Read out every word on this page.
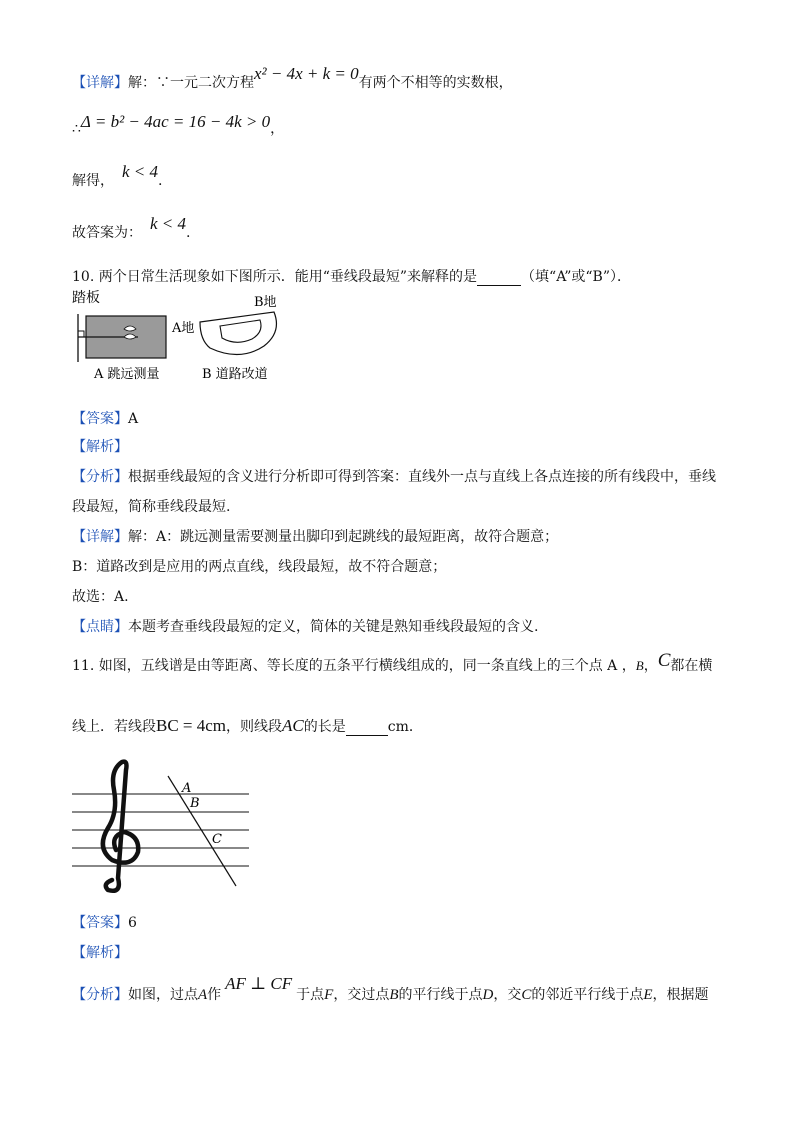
【详解】解：∵一元二次方程x² − 4x + k = 0有两个不相等的实数根，
∴Δ = b² − 4ac = 16 − 4k > 0，
解得， k < 4.
故答案为： k < 4.
10. 两个日常生活现象如下图所示．能用“垂线段最短”来解释的是	（填“A”或“B”）．
踏板
A 跳远测量
A地
B地
B 道路改道
【答案】A
【解析】
【分析】根据垂线最短的含义进行分析即可得到答案：直线外一点与直线上各点连接的所有线段中，垂线
段最短，简称垂线段最短.
【详解】解：A：跳远测量需要测量出脚印到起跳线的最短距离，故符合题意；
B：道路改到是应用的两点直线，线段最短，故不符合题意；
故选：A.
【点睛】本题考查垂线段最短的定义，简体的关键是熟知垂线段最短的含义.
11. 如图，五线谱是由等距离、等长度的五条平行横线组成的，同一条直线上的三个点 A ，B，C都在横
线上．若线段BC = 4cm，则线段AC的长是	cm．
A
B
C
【答案】6
【解析】
【分析】如图，过点A作AF ⊥ CF于点F，交过点B的平行线于点D，交C的邻近平行线于点E，根据题
